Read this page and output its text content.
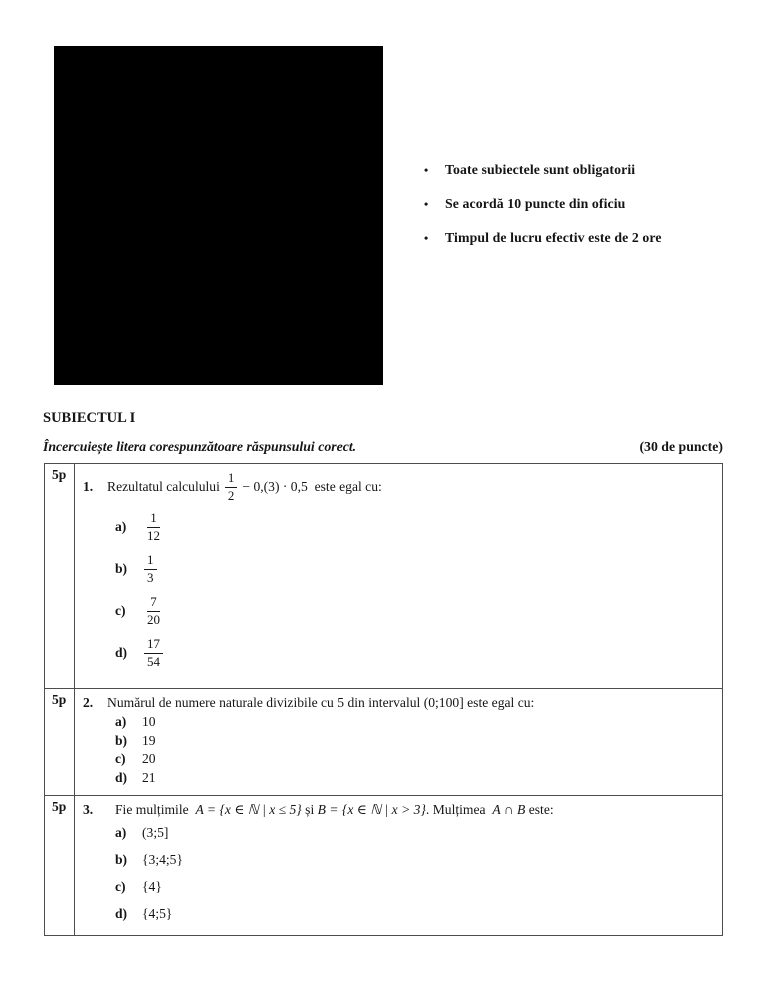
•	Toate subiectele sunt obligatorii
•	Se acordă 10 puncte din oficiu
•	Timpul de lucru efectiv este de 2 ore
SUBIECTUL I
Încercuiește litera corespunzătoare răspunsului corect.	(30 de puncte)
5p
1.	Rezultatul calculului $\frac{1}{2} - 0,(3) \cdot 0,5$  este egal cu:
a)	$\frac{1}{12}$
b)	$\frac{1}{3}$
c)	$\frac{7}{20}$
d)	$\frac{17}{54}$
5p	2.	Numărul de numere naturale divizibile cu 5 din intervalul (0;100] este egal cu:
a)	10
b)	19
c)	20
d)	21
5p	3.	Fie mulțimile A = {x ∈ ℕ | x ≤ 5} și B = {x ∈ ℕ | x > 3} . Mulțimea A ∩ B este:
a)	(3;5]
b)	{3;4;5}
c)	{4}
d)	{4;5}
